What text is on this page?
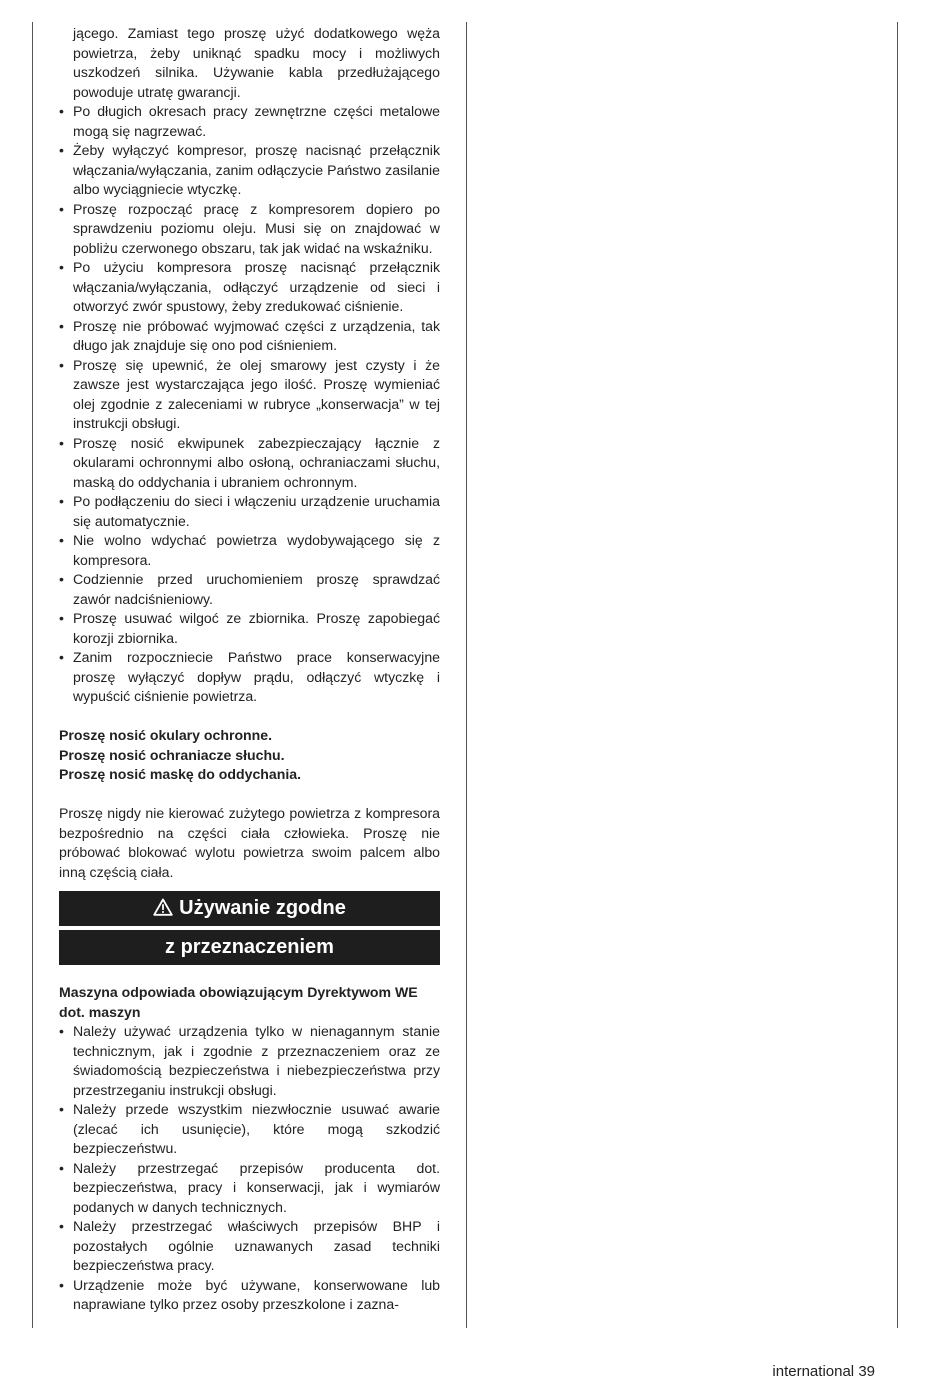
jącego. Zamiast tego proszę użyć dodatkowego węża powietrza, żeby uniknąć spadku mocy i możliwych uszkodzeń silnika. Używanie kabla przedłużającego powoduje utratę gwarancji.

• Po długich okresach pracy zewnętrzne części metalowe mogą się nagrzewać.
• Żeby wyłączyć kompresor, proszę nacisnąć przełącznik włączania/wyłączania, zanim odłączycie Państwo zasilanie albo wyciągniecie wtyczkę.
• Proszę rozpocząć pracę z kompresorem dopiero po sprawdzeniu poziomu oleju. Musi się on znajdować w pobliżu czerwonego obszaru, tak jak widać na wskaźniku.
• Po użyciu kompresora proszę nacisnąć przełącznik włączania/wyłączania, odłączyć urządzenie od sieci i otworzyć zwór spustowy, żeby zredukować ciśnienie.
• Proszę nie próbować wyjmować części z urządzenia, tak długo jak znajduje się ono pod ciśnieniem.
• Proszę się upewnić, że olej smarowy jest czysty i że zawsze jest wystarczająca jego ilość. Proszę wymieniać olej zgodnie z zaleceniami w rubryce „konserwacja” w tej instrukcji obsługi.
• Proszę nosić ekwipunek zabezpieczający łącznie z okularami ochronnymi albo osłoną, ochraniaczami słuchu, maską do oddychania i ubraniem ochronnym.
• Po podłączeniu do sieci i włączeniu urządzenie uruchamia się automatycznie.
• Nie wolno wdychać powietrza wydobywającego się z kompresora.
• Codziennie przed uruchomieniem proszę sprawdzać zawór nadciśnieniowy.
• Proszę usuwać wilgoć ze zbiornika. Proszę zapobiegać korozji zbiornika.
• Zanim rozpoczniecie Państwo prace konserwacyjne proszę wyłączyć dopływ prądu, odłączyć wtyczkę i wypuścić ciśnienie powietrza.

Proszę nosić okulary ochronne.

Proszę nosić ochraniacze słuchu.

Proszę nosić maskę do oddychania.

Proszę nigdy nie kierować zużytego powietrza z kompresora bezpośrednio na części ciała człowieka. Proszę nie próbować blokować wylotu powietrza swoim palcem albo inną częścią ciała.

Używanie zgodne
z przeznaczeniem

Maszyna odpowiada obowiązującym Dyrektywom WE dot. maszyn

• Należy używać urządzenia tylko w nienagannym stanie technicznym, jak i zgodnie z przeznaczeniem oraz ze świadomością bezpieczeństwa i niebezpieczeństwa przy przestrzeganiu instrukcji obsługi.
• Należy przede wszystkim niezwłocznie usuwać awarie (zlecać ich usunięcie), które mogą szkodzić bezpieczeństwu.
• Należy przestrzegać przepisów producenta dot. bezpieczeństwa, pracy i konserwacji, jak i wymiarów podanych w danych technicznych.
• Należy przestrzegać właściwych przepisów BHP i pozostałych ogólnie uznawanych zasad techniki bezpieczeństwa pracy.
• Urządzenie może być używane, konserwowane lub naprawiane tylko przez osoby przeszkolone i zazna-
international 39
